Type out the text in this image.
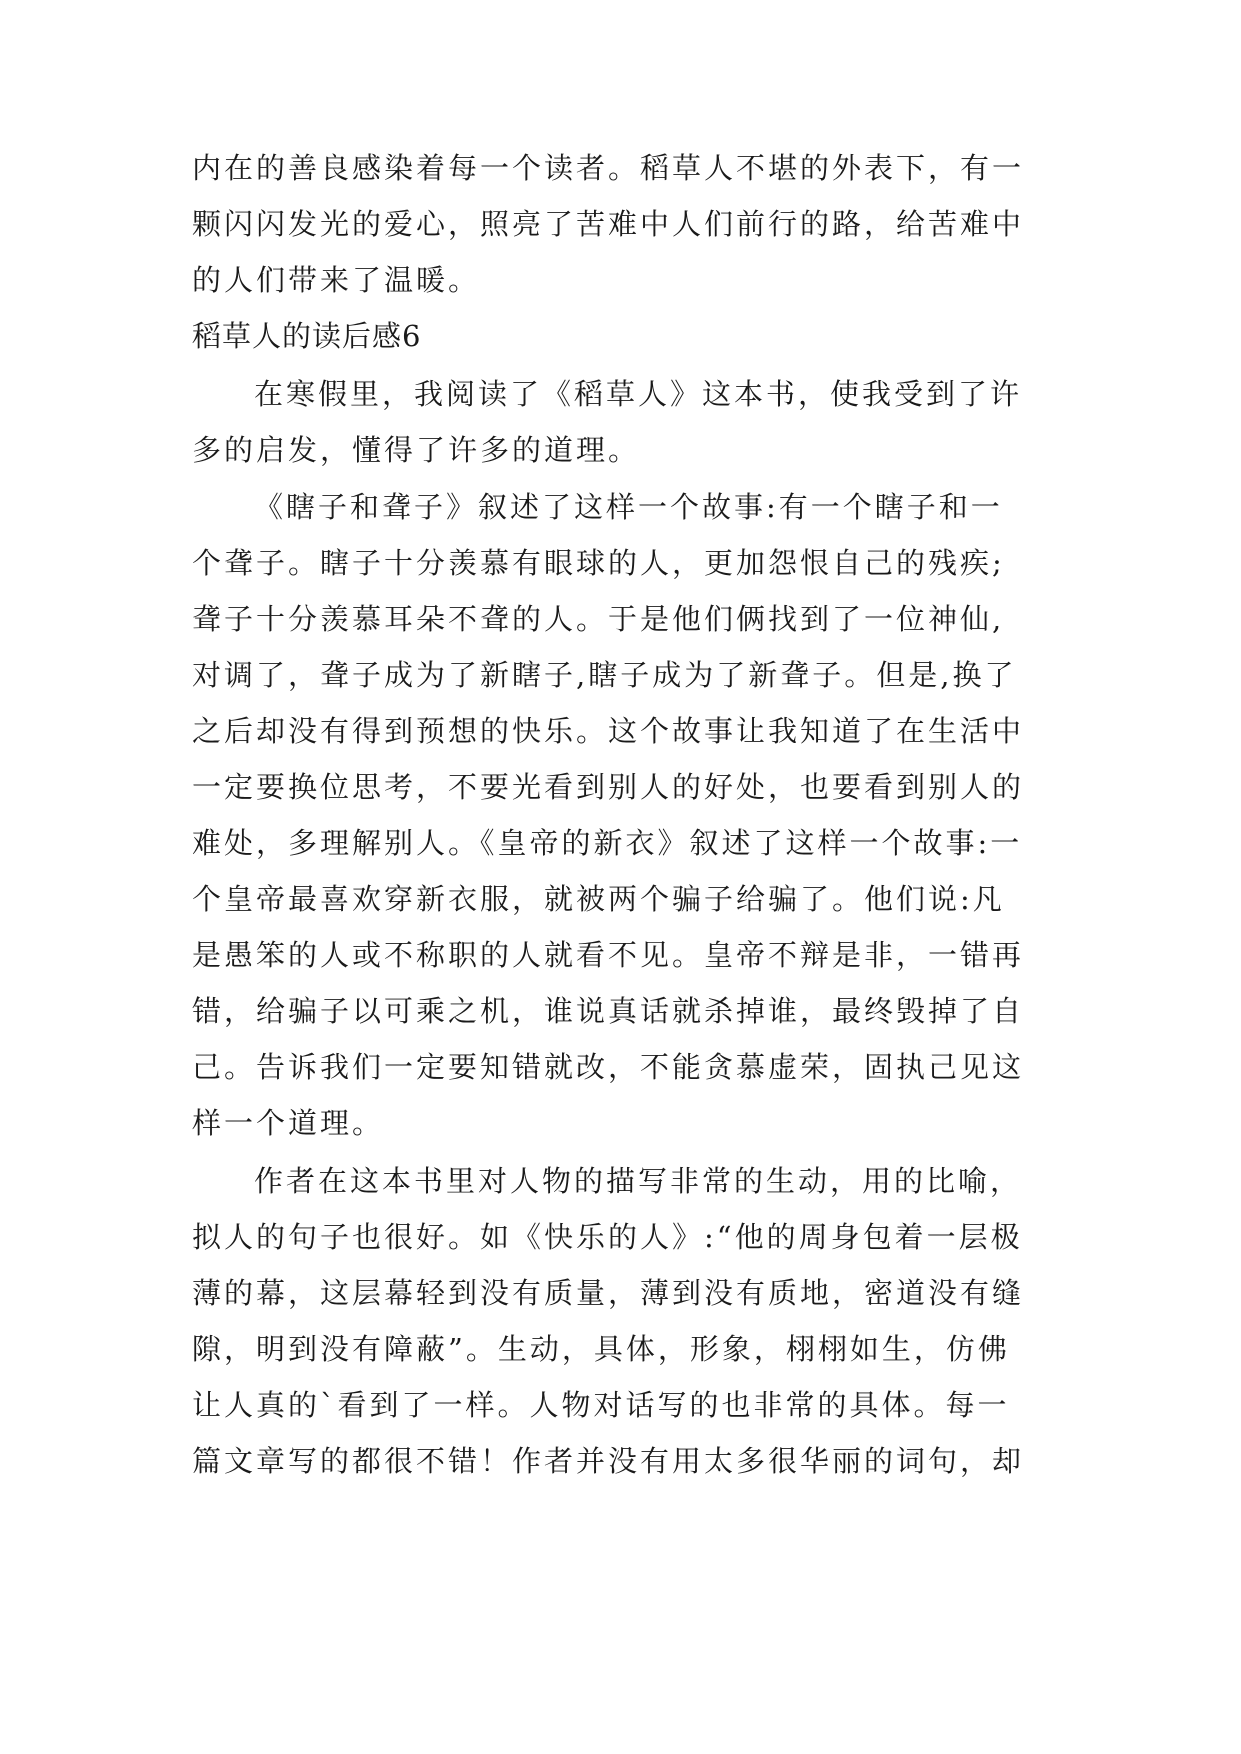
内在的善良感染着每一个读者。稻草人不堪的外表下，有一
颗闪闪发光的爱心，照亮了苦难中人们前行的路，给苦难中
的人们带来了温暖。
稻草人的读后感6
在寒假里，我阅读了《稻草人》这本书，使我受到了许
多的启发，懂得了许多的道理。
《瞎子和聋子》叙述了这样一个故事:有一个瞎子和一
个聋子。瞎子十分羡慕有眼球的人，更加怨恨自己的残疾;
聋子十分羡慕耳朵不聋的人。于是他们俩找到了一位神仙,
对调了，聋子成为了新瞎子,瞎子成为了新聋子。但是,换了
之后却没有得到预想的快乐。这个故事让我知道了在生活中
一定要换位思考，不要光看到别人的好处，也要看到别人的
难处，多理解别人。《皇帝的新衣》叙述了这样一个故事:一
个皇帝最喜欢穿新衣服，就被两个骗子给骗了。他们说:凡
是愚笨的人或不称职的人就看不见。皇帝不辩是非，一错再
错，给骗子以可乘之机，谁说真话就杀掉谁，最终毁掉了自
己。告诉我们一定要知错就改，不能贪慕虚荣，固执己见这
样一个道理。
作者在这本书里对人物的描写非常的生动，用的比喻，
拟人的句子也很好。如《快乐的人》:“他的周身包着一层极
薄的幕，这层幕轻到没有质量，薄到没有质地，密道没有缝
隙，明到没有障蔽”。生动，具体，形象，栩栩如生，仿佛
让人真的`看到了一样。人物对话写的也非常的具体。每一
篇文章写的都很不错！作者并没有用太多很华丽的词句，却
